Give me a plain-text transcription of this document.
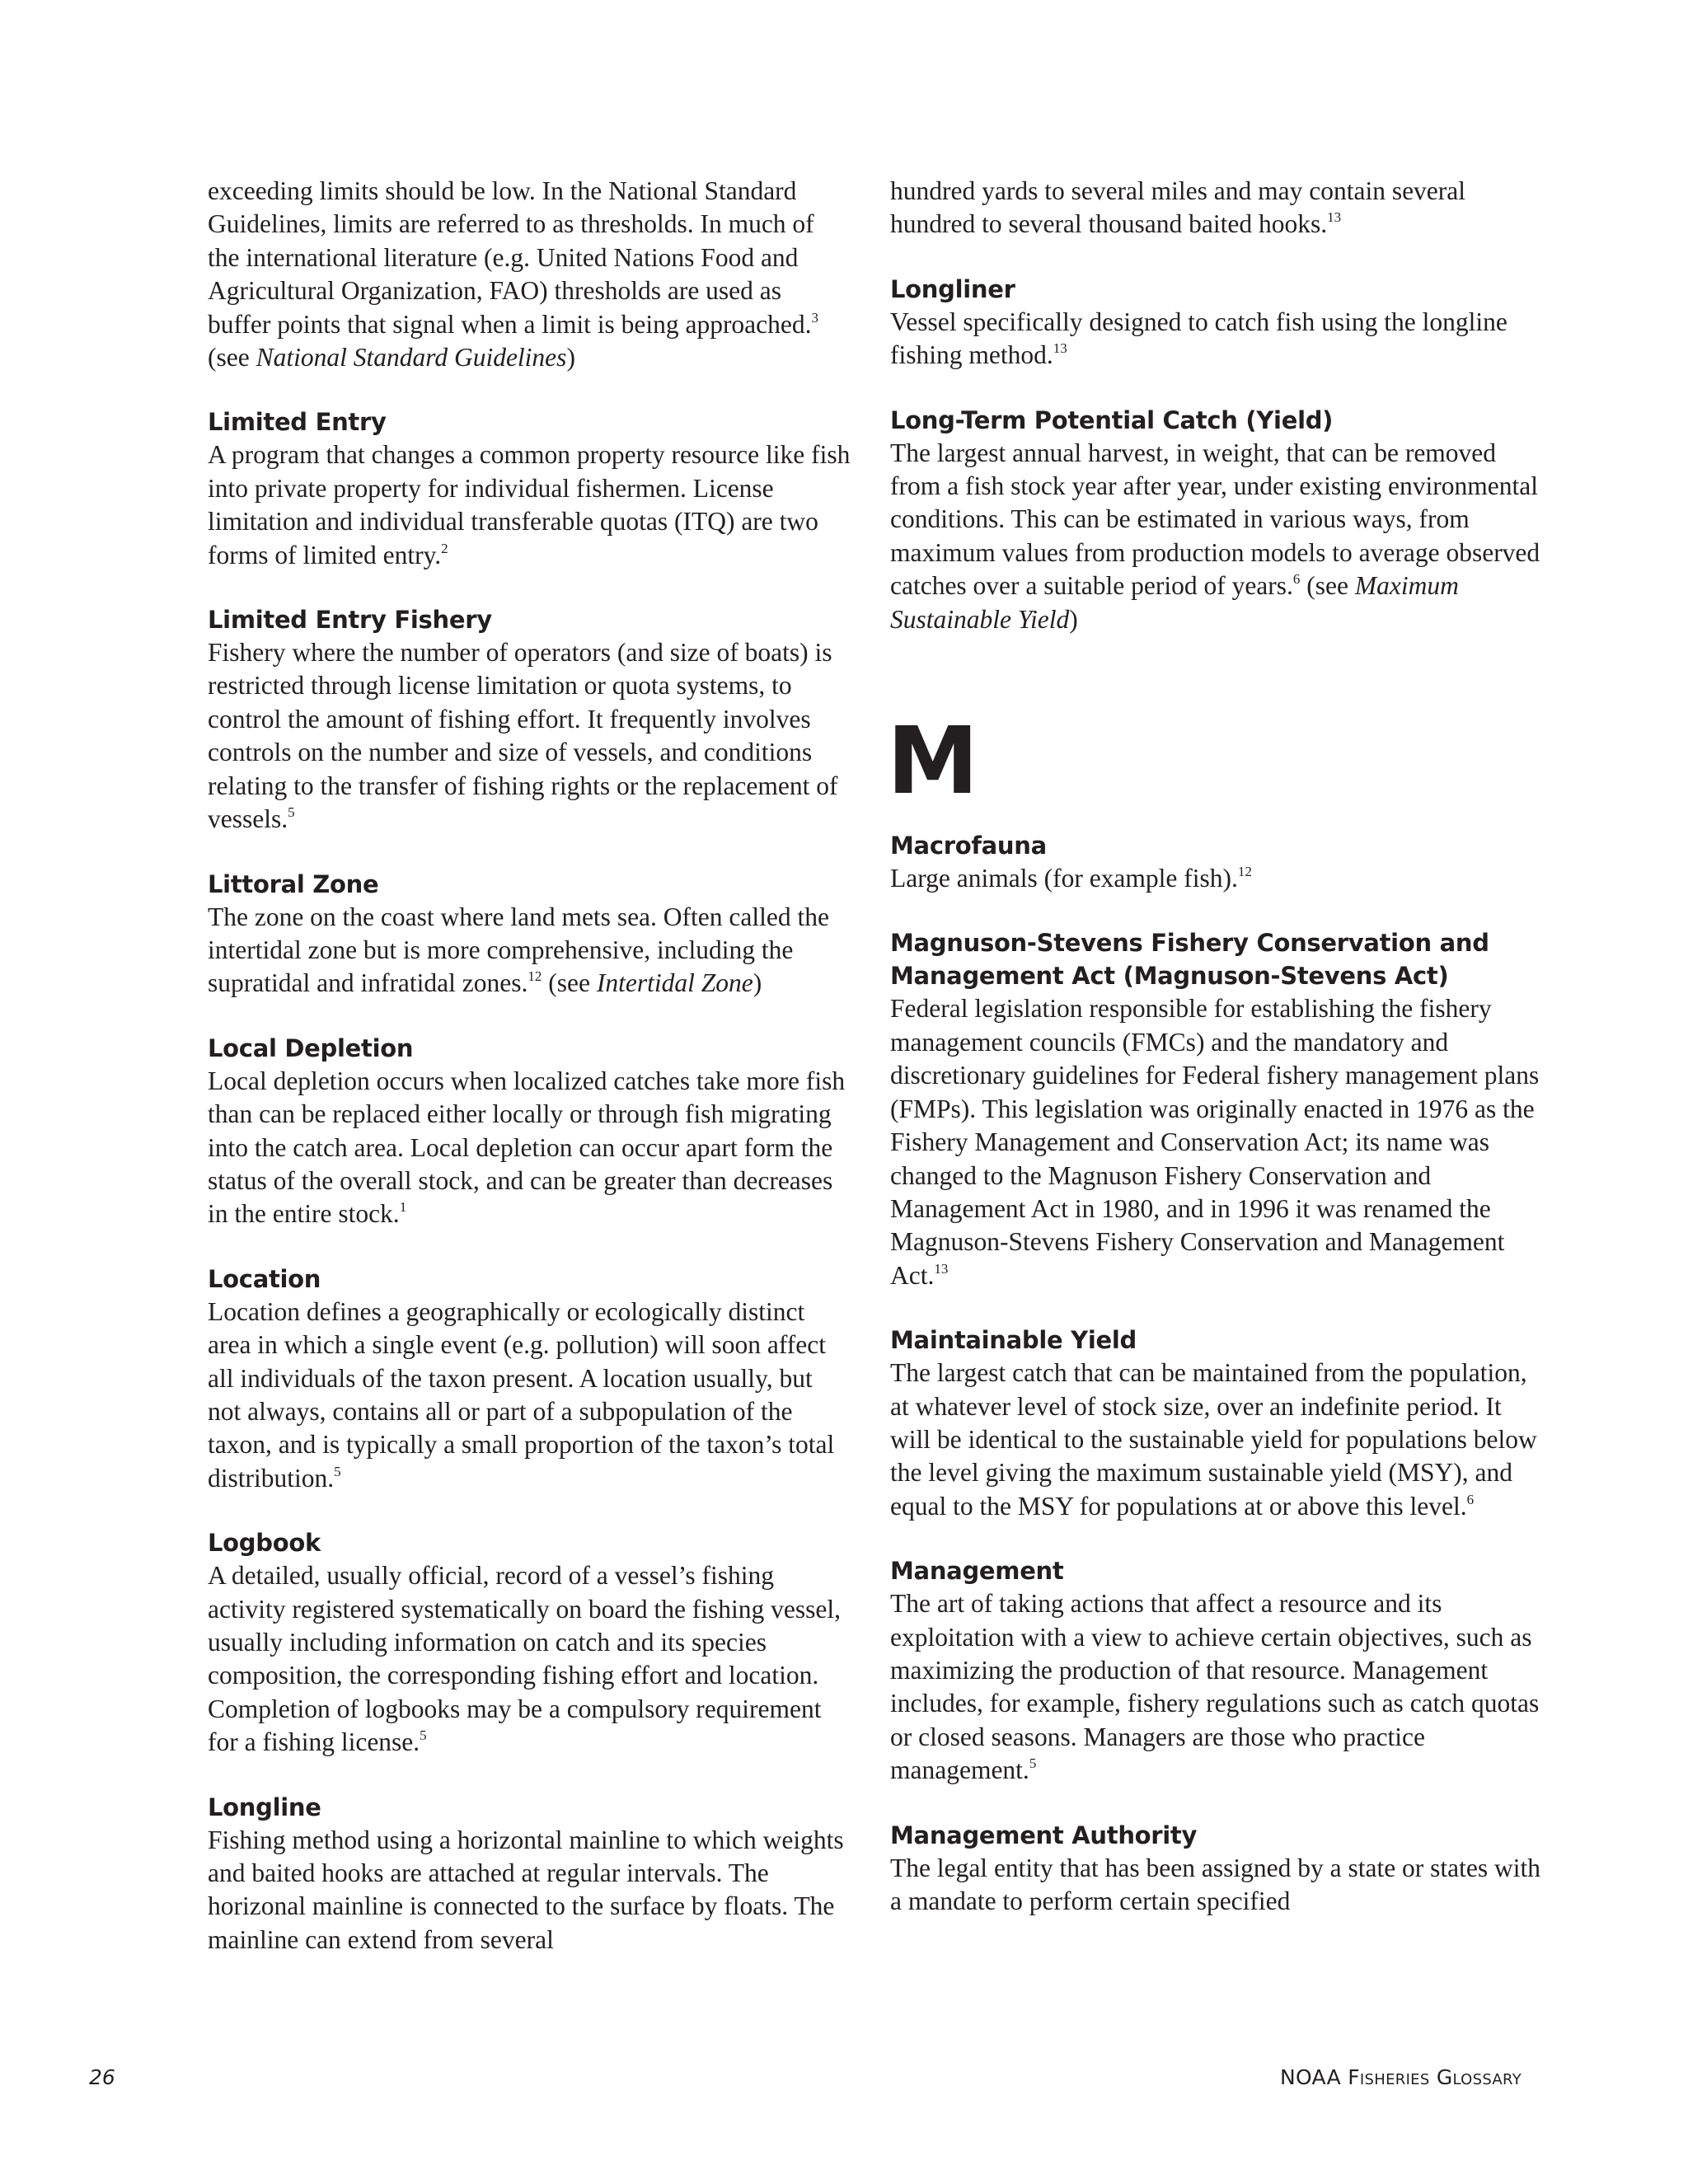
exceeding limits should be low. In the National Standard Guidelines, limits are referred to as thresholds. In much of the international literature (e.g. United Nations Food and Agricultural Organization, FAO) thresholds are used as buffer points that signal when a limit is being approached.$^3$ (see National Standard Guidelines)
Limited Entry
A program that changes a common property resource like fish into private property for individual fishermen. License limitation and individual transferable quotas (ITQ) are two forms of limited entry.$^2$
Limited Entry Fishery
Fishery where the number of operators (and size of boats) is restricted through license limitation or quota systems, to control the amount of fishing effort. It frequently involves controls on the number and size of vessels, and conditions relating to the transfer of fishing rights or the replacement of vessels.$^5$
Littoral Zone
The zone on the coast where land mets sea. Often called the intertidal zone but is more comprehensive, including the supratidal and infratidal zones.$^{12}$ (see Intertidal Zone)
Local Depletion
Local depletion occurs when localized catches take more fish than can be replaced either locally or through fish migrating into the catch area. Local depletion can occur apart form the status of the overall stock, and can be greater than decreases in the entire stock.$^1$
Location
Location defines a geographically or ecologically distinct area in which a single event (e.g. pollution) will soon affect all individuals of the taxon present. A location usually, but not always, contains all or part of a subpopulation of the taxon, and is typically a small proportion of the taxon’s total distribution.$^5$
Logbook
A detailed, usually official, record of a vessel’s fishing activity registered systematically on board the fishing vessel, usually including information on catch and its species composition, the corresponding fishing effort and location. Completion of logbooks may be a compulsory requirement for a fishing license.$^5$
Longline
Fishing method using a horizontal mainline to which weights and baited hooks are attached at regular intervals. The horizonal mainline is connected to the surface by floats. The mainline can extend from several
hundred yards to several miles and may contain several hundred to several thousand baited hooks.$^{13}$
Longliner
Vessel specifically designed to catch fish using the longline fishing method.$^{13}$
Long-Term Potential Catch (Yield)
The largest annual harvest, in weight, that can be removed from a fish stock year after year, under existing environmental conditions. This can be estimated in various ways, from maximum values from production models to average observed catches over a suitable period of years.$^6$ (see Maximum Sustainable Yield)
M
Macrofauna
Large animals (for example fish).$^{12}$
Magnuson-Stevens Fishery Conservation and Management Act (Magnuson-Stevens Act)
Federal legislation responsible for establishing the fishery management councils (FMCs) and the mandatory and discretionary guidelines for Federal fishery management plans (FMPs). This legislation was originally enacted in 1976 as the Fishery Management and Conservation Act; its name was changed to the Magnuson Fishery Conservation and Management Act in 1980, and in 1996 it was renamed the Magnuson-Stevens Fishery Conservation and Management Act.$^{13}$
Maintainable Yield
The largest catch that can be maintained from the population, at whatever level of stock size, over an indefinite period. It will be identical to the sustainable yield for populations below the level giving the maximum sustainable yield (MSY), and equal to the MSY for populations at or above this level.$^6$
Management
The art of taking actions that affect a resource and its exploitation with a view to achieve certain objectives, such as maximizing the production of that resource. Management includes, for example, fishery regulations such as catch quotas or closed seasons. Managers are those who practice management.$^5$
Management Authority
The legal entity that has been assigned by a state or states with a mandate to perform certain specified
26	NOAA Fisheries Glossary
